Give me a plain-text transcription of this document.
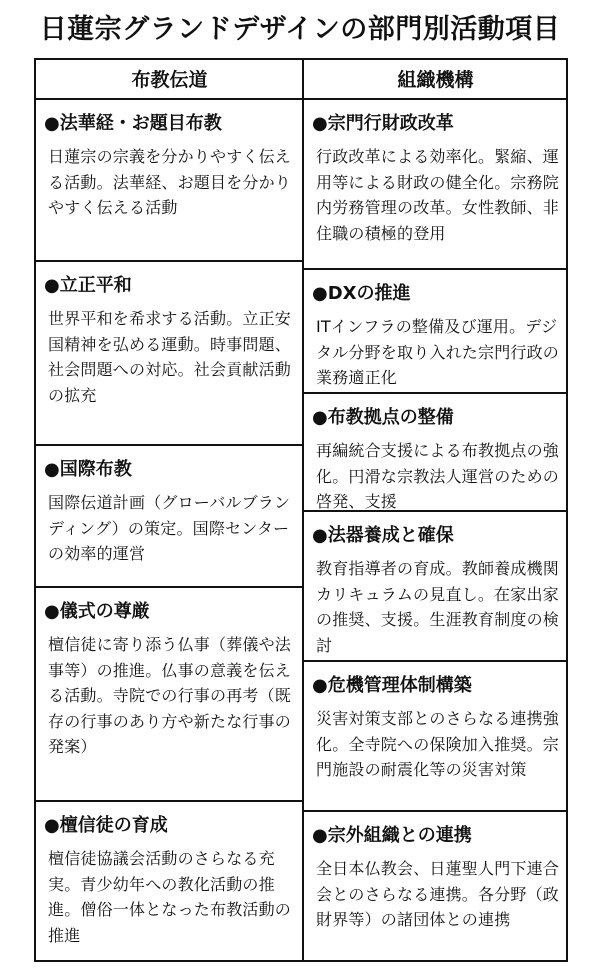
日蓮宗グランドデザインの部門別活動項目
布教伝道	組織機構
●法華経・お題目布教
日蓮宗の宗義を分かりやすく伝える活動。法華経、お題目を分かりやすく伝える活動
●立正平和
世界平和を希求する活動。立正安国精神を弘める運動。時事問題、社会問題への対応。社会貢献活動の拡充
●国際布教
国際伝道計画（グローバルブランディング）の策定。国際センターの効率的運営
●儀式の尊厳
檀信徒に寄り添う仏事（葬儀や法事等）の推進。仏事の意義を伝える活動。寺院での行事の再考（既存の行事のあり方や新たな行事の発案）
●檀信徒の育成
檀信徒協議会活動のさらなる充実。青少幼年への教化活動の推進。僧俗一体となった布教活動の推進
●宗門行財政改革
行政改革による効率化。緊縮、運用等による財政の健全化。宗務院内労務管理の改革。女性教師、非住職の積極的登用
●DXの推進
ITインフラの整備及び運用。デジタル分野を取り入れた宗門行政の業務適正化
●布教拠点の整備
再編統合支援による布教拠点の強化。円滑な宗教法人運営のための啓発、支援
●法器養成と確保
教育指導者の育成。教師養成機関カリキュラムの見直し。在家出家の推奨、支援。生涯教育制度の検討
●危機管理体制構築
災害対策支部とのさらなる連携強化。全寺院への保険加入推奨。宗門施設の耐震化等の災害対策
●宗外組織との連携
全日本仏教会、日蓮聖人門下連合会とのさらなる連携。各分野（政財界等）の諸団体との連携
